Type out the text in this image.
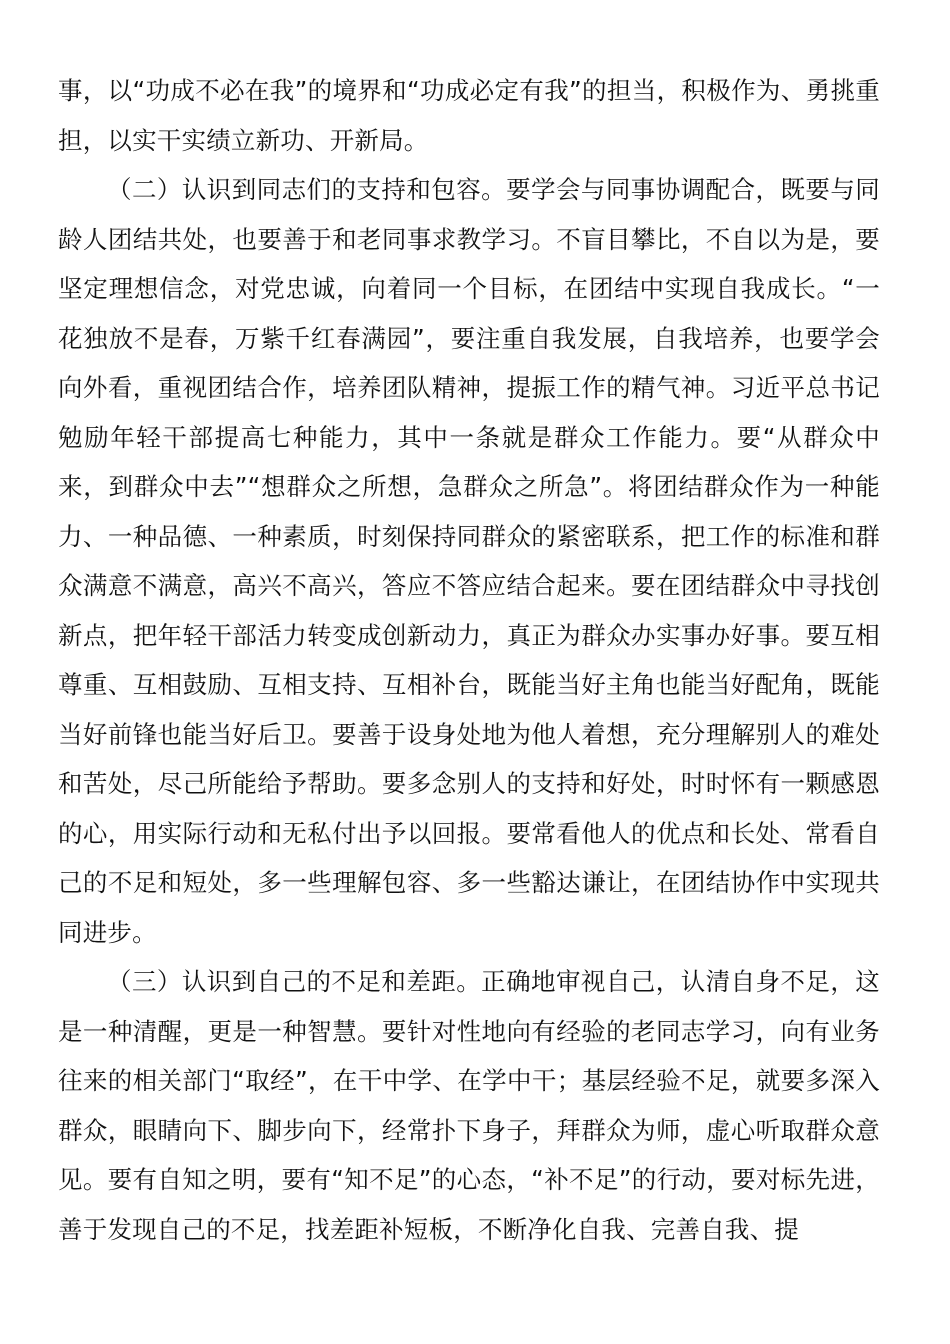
事，以“功成不必在我”的境界和“功成必定有我”的担当，积极作为、勇挑重担，以实干实绩立新功、开新局。

（二）认识到同志们的支持和包容。要学会与同事协调配合，既要与同龄人团结共处，也要善于和老同事求教学习。不盲目攀比，不自以为是，要坚定理想信念，对党忠诚，向着同一个目标，在团结中实现自我成长。“一花独放不是春，万紫千红春满园”，要注重自我发展，自我培养，也要学会向外看，重视团结合作，培养团队精神，提振工作的精气神。习近平总书记勉励年轻干部提高七种能力，其中一条就是群众工作能力。要“从群众中来，到群众中去”“想群众之所想，急群众之所急”。将团结群众作为一种能力、一种品德、一种素质，时刻保持同群众的紧密联系，把工作的标准和群众满意不满意，高兴不高兴，答应不答应结合起来。要在团结群众中寻找创新点，把年轻干部活力转变成创新动力，真正为群众办实事办好事。要互相尊重、互相鼓励、互相支持、互相补台，既能当好主角也能当好配角，既能当好前锋也能当好后卫。要善于设身处地为他人着想，充分理解别人的难处和苦处，尽己所能给予帮助。要多念别人的支持和好处，时时怀有一颗感恩的心，用实际行动和无私付出予以回报。要常看他人的优点和长处、常看自己的不足和短处，多一些理解包容、多一些豁达谦让，在团结协作中实现共同进步。

（三）认识到自己的不足和差距。正确地审视自己，认清自身不足，这是一种清醒，更是一种智慧。要针对性地向有经验的老同志学习，向有业务往来的相关部门“取经”，在干中学、在学中干；基层经验不足，就要多深入群众，眼睛向下、脚步向下，经常扑下身子，拜群众为师，虚心听取群众意见。要有自知之明，要有“知不足”的心态，“补不足”的行动，要对标先进，善于发现自己的不足，找差距补短板，不断净化自我、完善自我、提
